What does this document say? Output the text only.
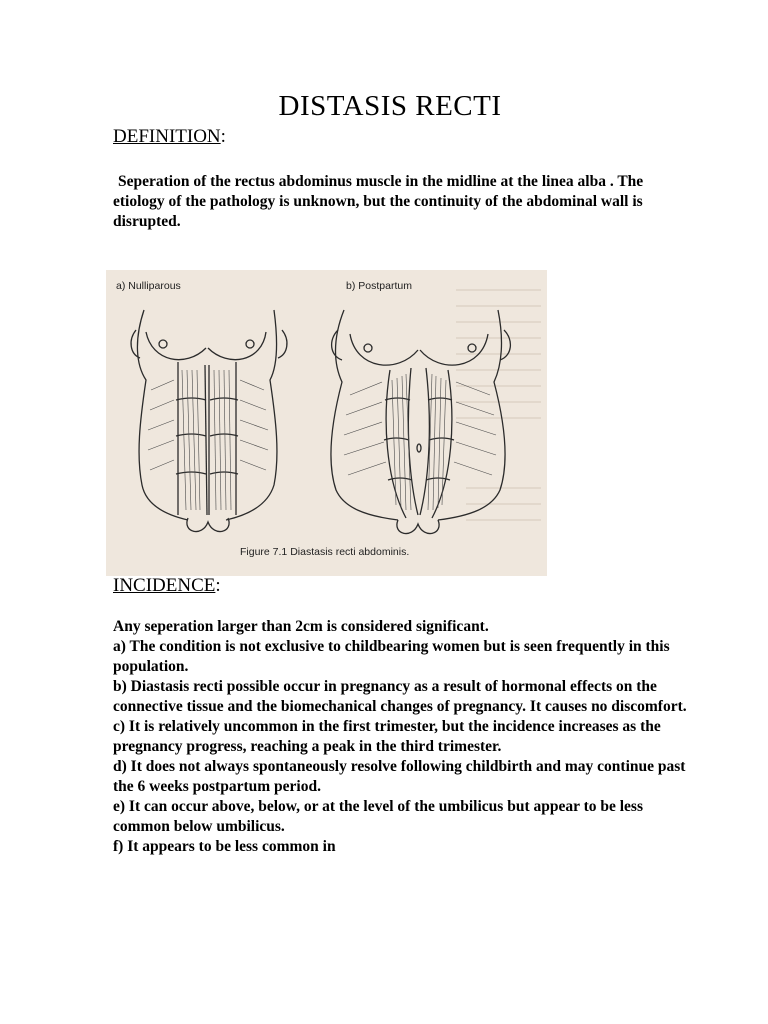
DISTASIS RECTI
DEFINITION:
Seperation of the rectus abdominus muscle in the midline at the linea alba . The etiology of the pathology is unknown, but the continuity of the abdominal wall is disrupted.
a) Nulliparous	b) Postpartum
Figure 7.1 Diastasis recti abdominis.
INCIDENCE:

Any seperation larger than 2cm is considered significant.

a) The condition is not exclusive to childbearing women but is seen frequently in this population.

b) Diastasis recti possible occur in pregnancy as a result of hormonal effects on the connective tissue and the biomechanical changes of pregnancy. It causes no discomfort.

c) It is relatively uncommon in the first trimester, but the incidence increases as the pregnancy progress, reaching a peak in the third trimester.

d) It does not always spontaneously resolve following childbirth and may continue past the 6 weeks postpartum period.

e) It can occur above, below, or at the level of the umbilicus but appear to be less common below umbilicus.

f) It appears to be less common in
